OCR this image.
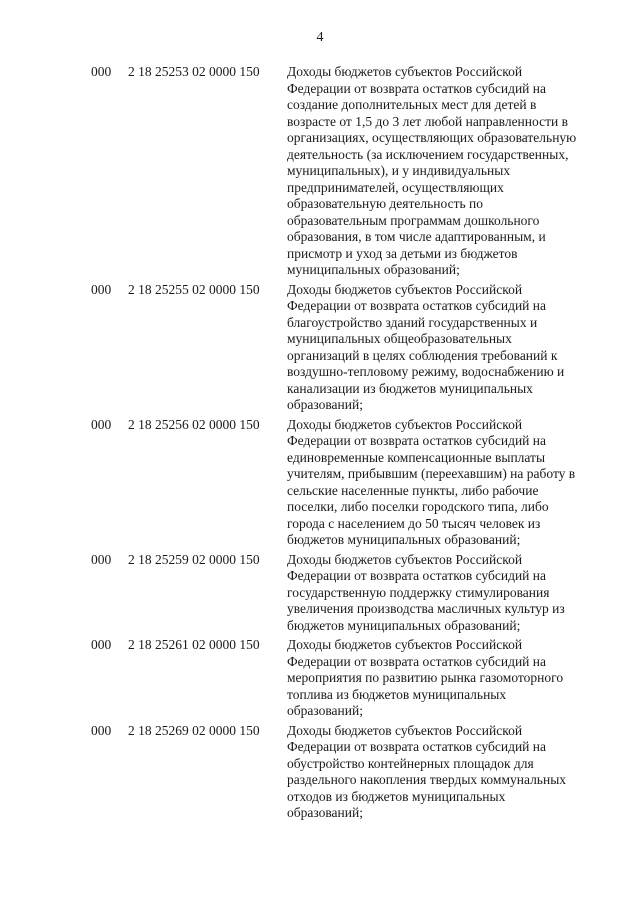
4
000 2 18 25253 02 0000 150 Доходы бюджетов субъектов Российской
Федерации от возврата остатков субсидий на
создание дополнительных мест для детей в
возрасте от 1,5 до 3 лет любой направленности в
организациях, осуществляющих образовательную
деятельность (за исключением государственных,
муниципальных), и у индивидуальных
предпринимателей, осуществляющих
образовательную деятельность по
образовательным программам дошкольного
образования, в том числе адаптированным, и
присмотр и уход за детьми из бюджетов
муниципальных образований;
000 2 18 25255 02 0000 150 Доходы бюджетов субъектов Российской
Федерации от возврата остатков субсидий на
благоустройство зданий государственных и
муниципальных общеобразовательных
организаций в целях соблюдения требований к
воздушно-тепловому режиму, водоснабжению и
канализации из бюджетов муниципальных
образований;
000 2 18 25256 02 0000 150 Доходы бюджетов субъектов Российской
Федерации от возврата остатков субсидий на
единовременные компенсационные выплаты
учителям, прибывшим (переехавшим) на работу в
сельские населенные пункты, либо рабочие
поселки, либо поселки городского типа, либо
города с населением до 50 тысяч человек из
бюджетов муниципальных образований;
000 2 18 25259 02 0000 150 Доходы бюджетов субъектов Российской
Федерации от возврата остатков субсидий на
государственную поддержку стимулирования
увеличения производства масличных культур из
бюджетов муниципальных образований;
000 2 18 25261 02 0000 150 Доходы бюджетов субъектов Российской
Федерации от возврата остатков субсидий на
мероприятия по развитию рынка газомоторного
топлива из бюджетов муниципальных
образований;
000 2 18 25269 02 0000 150 Доходы бюджетов субъектов Российской
Федерации от возврата остатков субсидий на
обустройство контейнерных площадок для
раздельного накопления твердых коммунальных
отходов из бюджетов муниципальных
образований;
